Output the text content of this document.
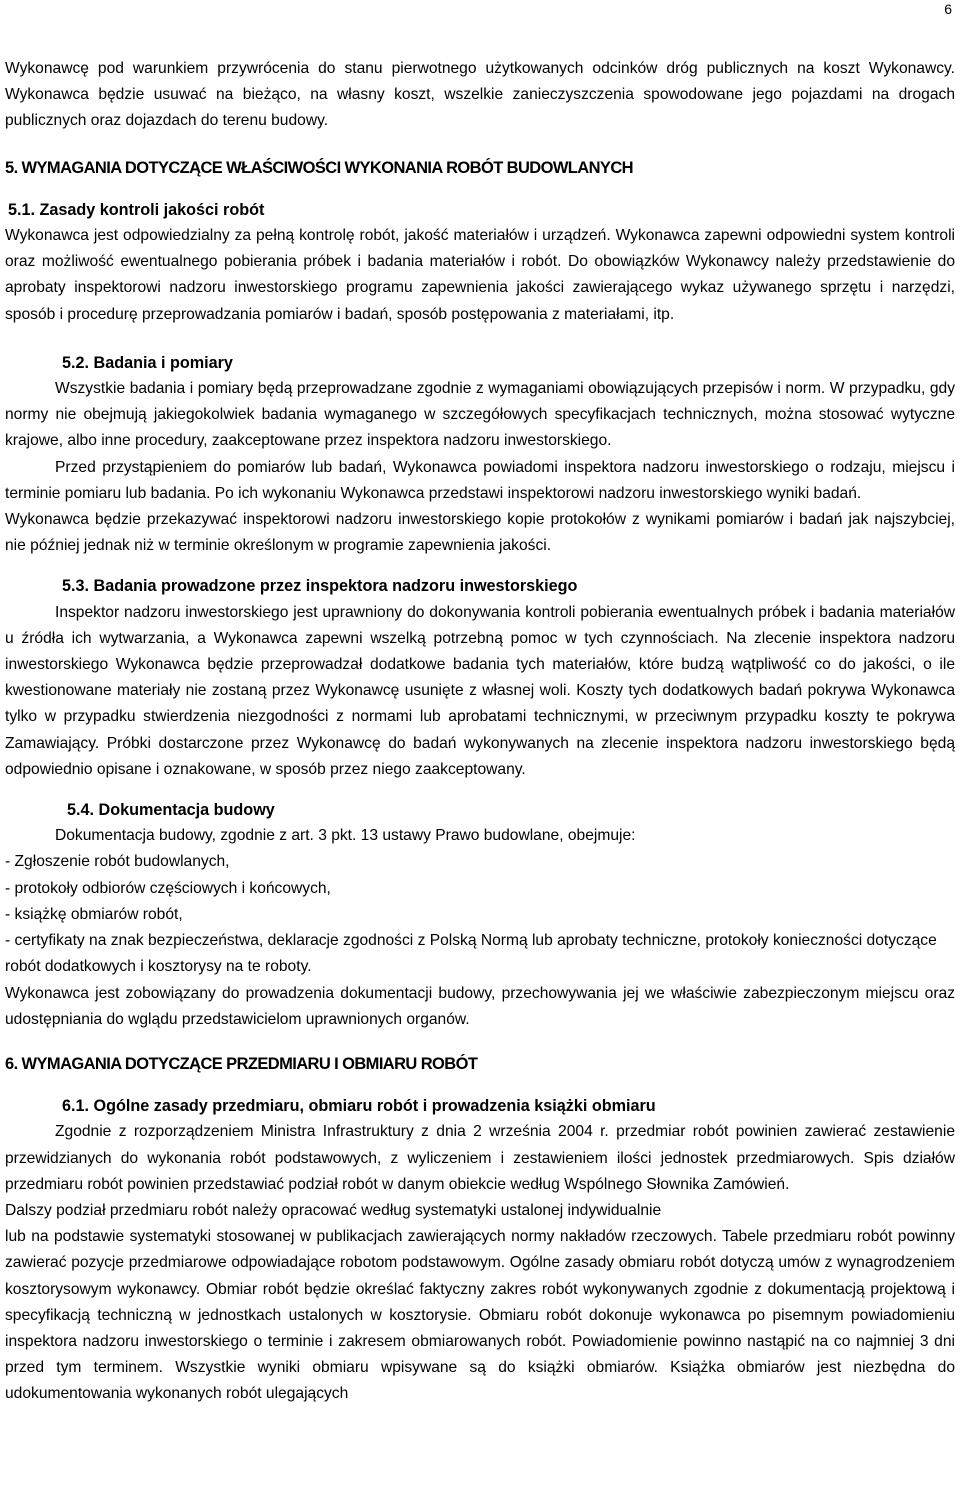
6

Wykonawcę pod warunkiem przywrócenia do stanu pierwotnego użytkowanych odcinków dróg publicznych na koszt Wykonawcy. Wykonawca będzie usuwać na bieżąco, na własny koszt, wszelkie zanieczyszczenia spowodowane jego pojazdami na drogach publicznych oraz dojazdach do terenu budowy.

5. WYMAGANIA DOTYCZĄCE WŁAŚCIWOŚCI WYKONANIA ROBÓT BUDOWLANYCH
5.1. Zasady kontroli jakości robót

Wykonawca jest odpowiedzialny za pełną kontrolę robót, jakość materiałów i urządzeń. Wykonawca zapewni odpowiedni system kontroli oraz możliwość ewentualnego pobierania próbek i badania materiałów i robót. Do obowiązków Wykonawcy należy przedstawienie do aprobaty inspektorowi nadzoru inwestorskiego programu zapewnienia jakości zawierającego wykaz używanego sprzętu i narzędzi, sposób i procedurę przeprowadzania pomiarów i badań, sposób postępowania z materiałami, itp.

5.2. Badania i pomiary

Wszystkie badania i pomiary będą przeprowadzane zgodnie z wymaganiami obowiązujących przepisów i norm. W przypadku, gdy normy nie obejmują jakiegokolwiek badania wymaganego w szczegółowych specyfikacjach technicznych, można stosować wytyczne krajowe, albo inne procedury, zaakceptowane przez inspektora nadzoru inwestorskiego.

Przed przystąpieniem do pomiarów lub badań, Wykonawca powiadomi inspektora nadzoru inwestorskiego o rodzaju, miejscu i terminie pomiaru lub badania. Po ich wykonaniu Wykonawca przedstawi inspektorowi nadzoru inwestorskiego wyniki badań.

Wykonawca będzie przekazywać inspektorowi nadzoru inwestorskiego kopie protokołów z wynikami pomiarów i badań jak najszybciej, nie później jednak niż w terminie określonym w programie zapewnienia jakości.

5.3. Badania prowadzone przez inspektora nadzoru inwestorskiego

Inspektor nadzoru inwestorskiego jest uprawniony do dokonywania kontroli pobierania ewentualnych próbek i badania materiałów u źródła ich wytwarzania, a Wykonawca zapewni wszelką potrzebną pomoc w tych czynnościach. Na zlecenie inspektora nadzoru inwestorskiego Wykonawca będzie przeprowadzał dodatkowe badania tych materiałów, które budzą wątpliwość co do jakości, o ile kwestionowane materiały nie zostaną przez Wykonawcę usunięte z własnej woli. Koszty tych dodatkowych badań pokrywa Wykonawca tylko w przypadku stwierdzenia niezgodności z normami lub aprobatami technicznymi, w przeciwnym przypadku koszty te pokrywa Zamawiający. Próbki dostarczone przez Wykonawcę do badań wykonywanych na zlecenie inspektora nadzoru inwestorskiego będą odpowiednio opisane i oznakowane, w sposób przez niego zaakceptowany.

5.4. Dokumentacja budowy

Dokumentacja budowy, zgodnie z art. 3 pkt. 13 ustawy Prawo budowlane, obejmuje:

- Zgłoszenie robót budowlanych,

- protokoły odbiorów częściowych i końcowych,

- książkę obmiarów robót,

- certyfikaty na znak bezpieczeństwa, deklaracje zgodności z Polską Normą lub aprobaty techniczne, protokoły konieczności dotyczące robót dodatkowych i kosztorysy na te roboty.

Wykonawca jest zobowiązany do prowadzenia dokumentacji budowy, przechowywania jej we właściwie zabezpieczonym miejscu oraz udostępniania do wglądu przedstawicielom uprawnionych organów.

6. WYMAGANIA DOTYCZĄCE PRZEDMIARU I OBMIARU ROBÓT
6.1. Ogólne zasady przedmiaru, obmiaru robót i prowadzenia książki obmiaru

Zgodnie z rozporządzeniem Ministra Infrastruktury z dnia 2 września 2004 r. przedmiar robót powinien zawierać zestawienie przewidzianych do wykonania robót podstawowych, z wyliczeniem i zestawieniem ilości jednostek przedmiarowych. Spis działów przedmiaru robót powinien przedstawiać podział robót w danym obiekcie według Wspólnego Słownika Zamówień.

Dalszy podział przedmiaru robót należy opracować według systematyki ustalonej indywidualnie

lub na podstawie systematyki stosowanej w publikacjach zawierających normy nakładów rzeczowych. Tabele przedmiaru robót powinny zawierać pozycje przedmiarowe odpowiadające robotom podstawowym. Ogólne zasady obmiaru robót dotyczą umów z wynagrodzeniem kosztorysowym wykonawcy. Obmiar robót będzie określać faktyczny zakres robót wykonywanych zgodnie z dokumentacją projektową i specyfikacją techniczną w jednostkach ustalonych w kosztorysie. Obmiaru robót dokonuje wykonawca po pisemnym powiadomieniu inspektora nadzoru inwestorskiego o terminie i zakresem obmiarowanych robót. Powiadomienie powinno nastąpić na co najmniej 3 dni przed tym terminem. Wszystkie wyniki obmiaru wpisywane są do książki obmiarów. Książka obmiarów jest niezbędna do udokumentowania wykonanych robót ulegających
